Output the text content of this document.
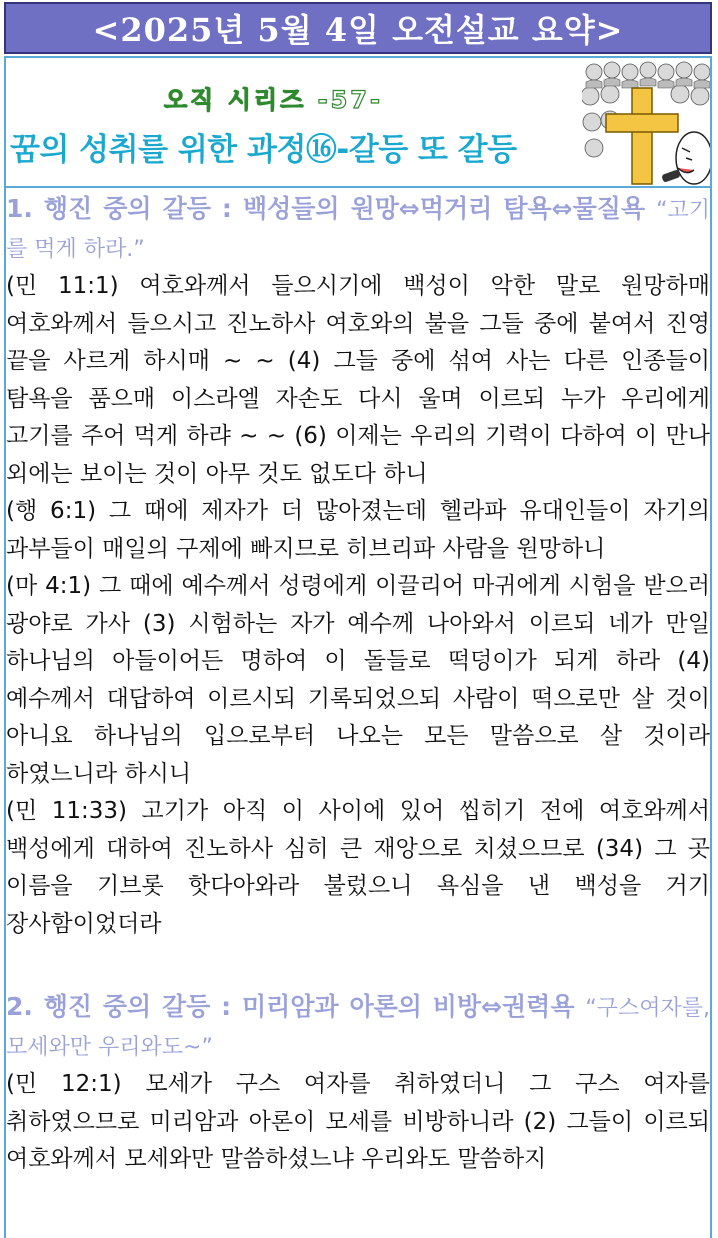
<2025년 5월 4일 오전설교 요약>
오직 시리즈 -57-
꿈의 성취를 위한 과정⑯-갈등 또 갈등

1. 행진 중의 갈등 : 백성들의 원망⇔먹거리 탐욕⇔물질욕 “고기를 먹게 하라.”

(민 11:1) 여호와께서 들으시기에 백성이 악한 말로 원망하매 여호와께서 들으시고 진노하사 여호와의 불을 그들 중에 붙여서 진영 끝을 사르게 하시매 ~ ~ (4) 그들 중에 섞여 사는 다른 인종들이 탐욕을 품으매 이스라엘 자손도 다시 울며 이르되 누가 우리에게 고기를 주어 먹게 하랴 ~ ~ (6) 이제는 우리의 기력이 다하여 이 만나 외에는 보이는 것이 아무 것도 없도다 하니

(행 6:1) 그 때에 제자가 더 많아졌는데 헬라파 유대인들이 자기의 과부들이 매일의 구제에 빠지므로 히브리파 사람을 원망하니

(마 4:1) 그 때에 예수께서 성령에게 이끌리어 마귀에게 시험을 받으러 광야로 가사 (3) 시험하는 자가 예수께 나아와서 이르되 네가 만일 하나님의 아들이어든 명하여 이 돌들로 떡덩이가 되게 하라 (4) 예수께서 대답하여 이르시되 기록되었으되 사람이 떡으로만 살 것이 아니요 하나님의 입으로부터 나오는 모든 말씀으로 살 것이라 하였느니라 하시니

(민 11:33) 고기가 아직 이 사이에 있어 씹히기 전에 여호와께서 백성에게 대하여 진노하사 심히 큰 재앙으로 치셨으므로 (34) 그 곳 이름을 기브롯 핫다아와라 불렀으니 욕심을 낸 백성을 거기 장사함이었더라

2. 행진 중의 갈등 : 미리암과 아론의 비방⇔권력욕 “구스여자를, 모세와만 우리와도~”

(민 12:1) 모세가 구스 여자를 취하였더니 그 구스 여자를 취하였으므로 미리암과 아론이 모세를 비방하니라 (2) 그들이 이르되 여호와께서 모세와만 말씀하셨느냐 우리와도 말씀하지
